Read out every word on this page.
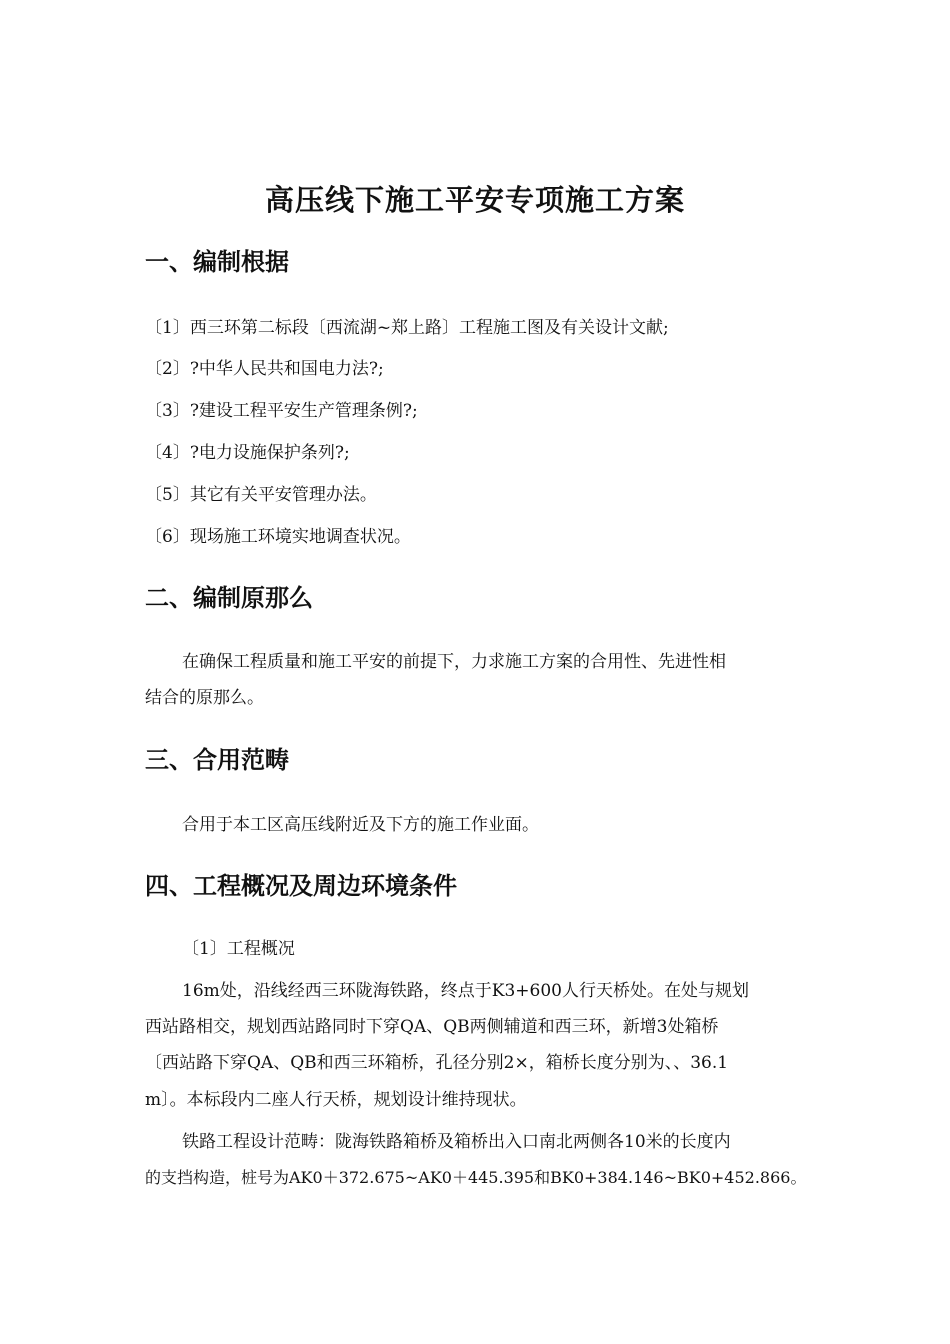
高压线下施工平安专项施工方案
一、编制根据
〔1〕西三环第二标段〔西流湖~郑上路〕工程施工图及有关设计文献;
〔2〕?中华人民共和国电力法?;
〔3〕?建设工程平安生产管理条例?;
〔4〕?电力设施保护条列?;
〔5〕其它有关平安管理办法。
〔6〕现场施工环境实地调查状况。
二、编制原那么
在确保工程质量和施工平安的前提下，力求施工方案的合用性、先进性相
结合的原那么。
三、合用范畴
合用于本工区高压线附近及下方的施工作业面。
四、工程概况及周边环境条件
〔1〕工程概况
16m处，沿线经西三环陇海铁路，终点于K3+600人行天桥处。在处与规划
西站路相交，规划西站路同时下穿QA、QB两侧辅道和西三环，新增3处箱桥
〔西站路下穿QA、QB和西三环箱桥，孔径分别2×，箱桥长度分别为、、36.1
m〕。本标段内二座人行天桥，规划设计维持现状。
铁路工程设计范畴：陇海铁路箱桥及箱桥出入口南北两侧各10米的长度内
的支挡构造，桩号为AK0＋372.675~AK0＋445.395和BK0+384.146~BK0+452.866。
